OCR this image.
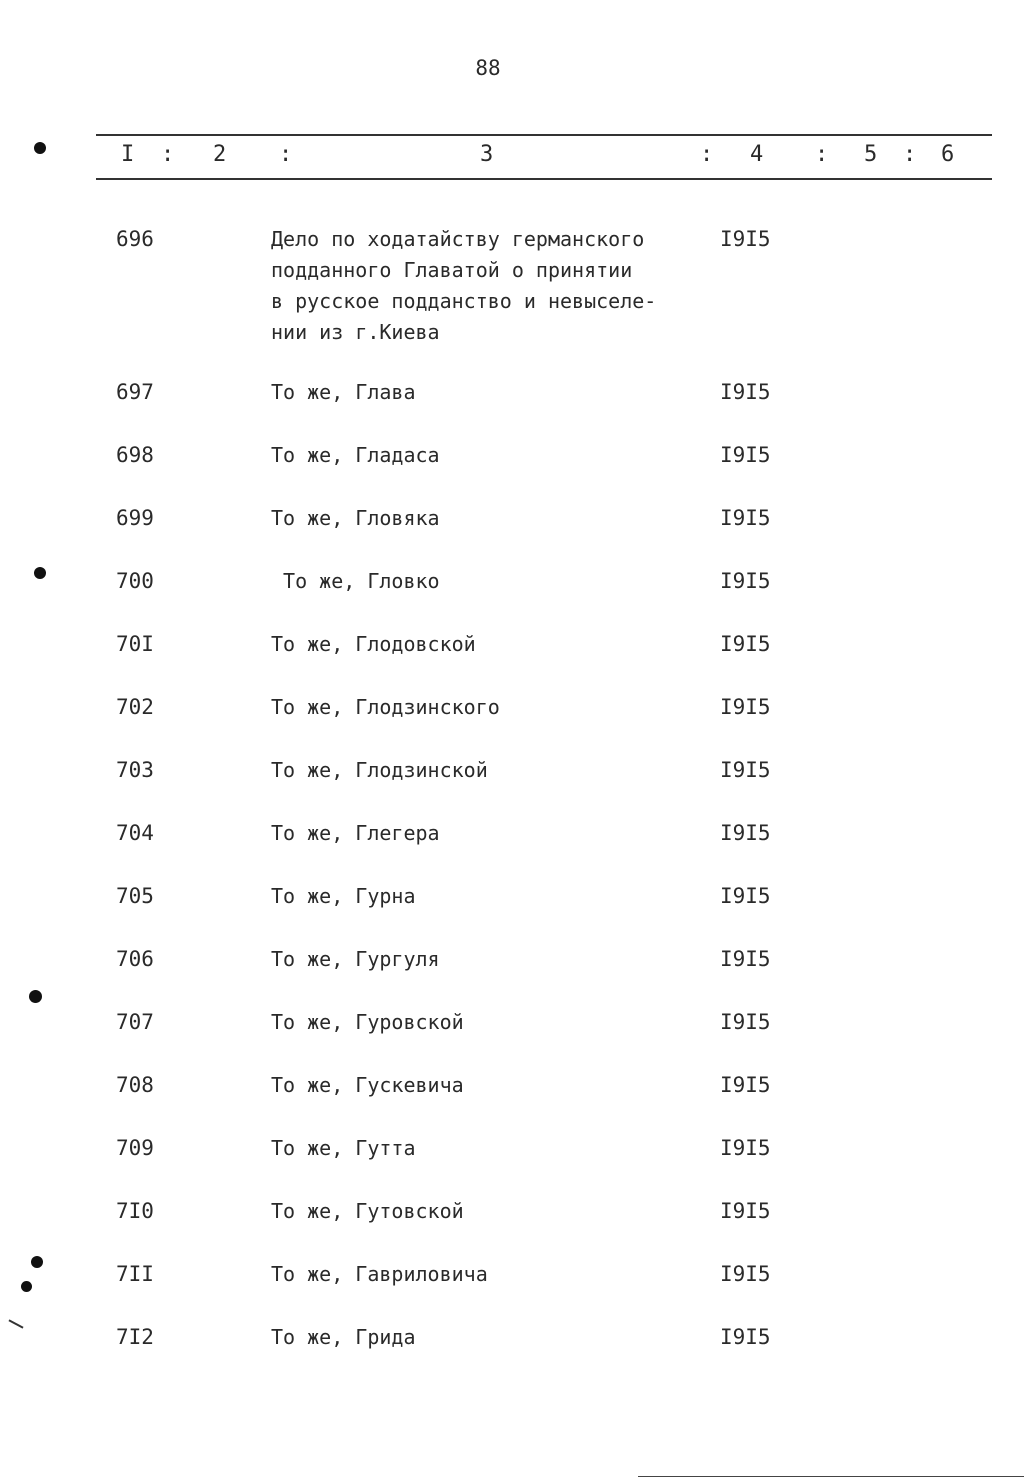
88
I : 2 :	3	: 4 : 5 : 6
696	Дело по ходатайству германского
подданного Главатой о принятии
в русское подданство и невыселе-
нии из г.Киева
I9I5
697	То же, Глава	I9I5
698	То же, Гладаса	I9I5
699	То же, Гловяка	I9I5
700	То же, Гловко	I9I5
70I	То же, Глодовской	I9I5
702	То же, Глодзинского	I9I5
703	То же, Глодзинской	I9I5
704	То же, Глегера	I9I5
705	То же, Гурна	I9I5
706	То же, Гургуля	I9I5
707	То же, Гуровской	I9I5
708	То же, Гускевича	I9I5
709	То же, Гутта	I9I5
7I0	То же, Гутовской	I9I5
7II	То же, Гавриловича	I9I5
7I2	То же, Грида	I9I5
